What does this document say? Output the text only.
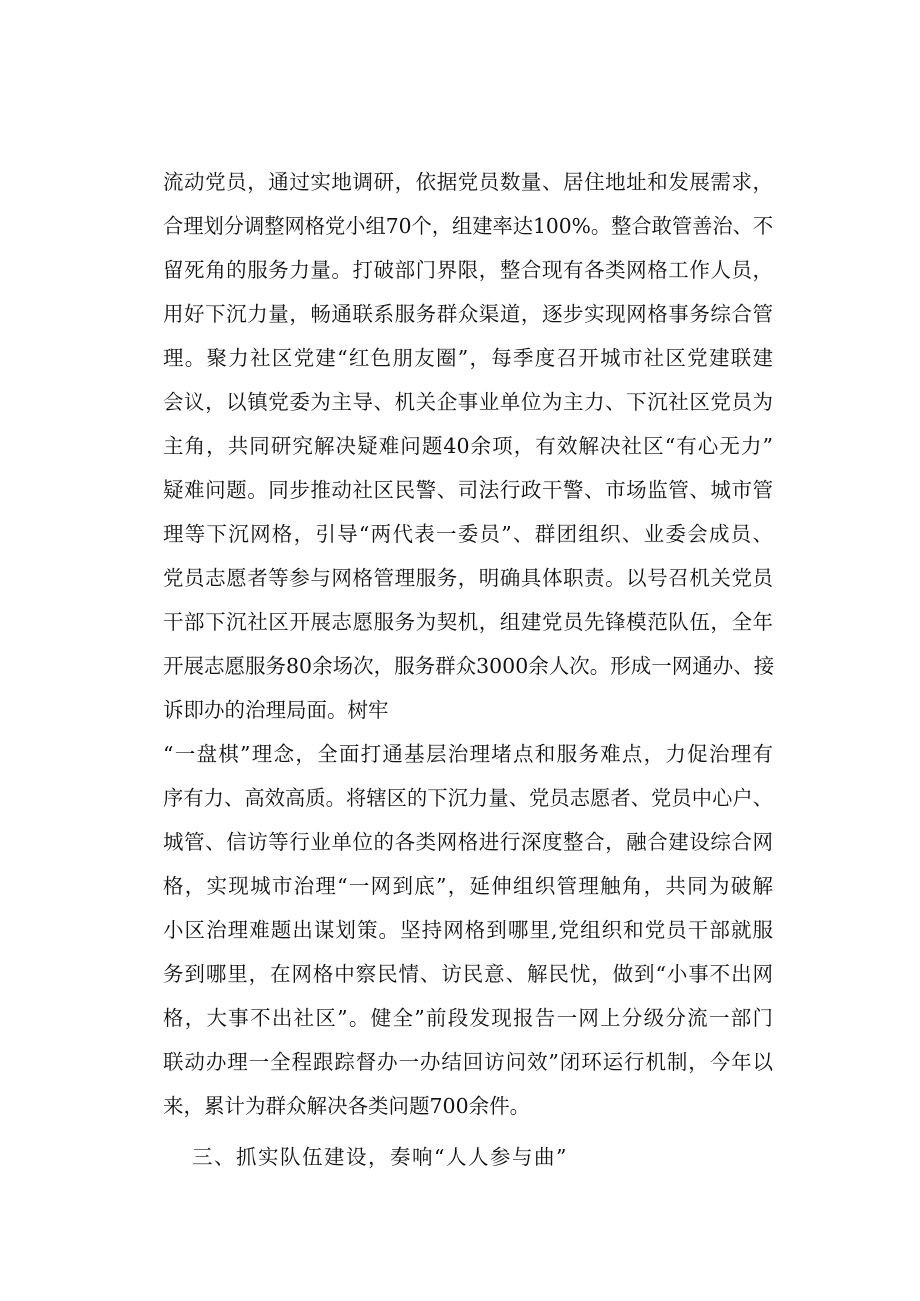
流动党员，通过实地调研，依据党员数量、居住地址和发展需求，
合理划分调整网格党小组70个，组建率达100%。整合敢管善治、不
留死角的服务力量。打破部门界限，整合现有各类网格工作人员，
用好下沉力量，畅通联系服务群众渠道，逐步实现网格事务综合管
理。聚力社区党建“红色朋友圈”，每季度召开城市社区党建联建
会议，以镇党委为主导、机关企事业单位为主力、下沉社区党员为
主角，共同研究解决疑难问题40余项，有效解决社区“有心无力”
疑难问题。同步推动社区民警、司法行政干警、市场监管、城市管
理等下沉网格，引导“两代表一委员”、群团组织、业委会成员、
党员志愿者等参与网格管理服务，明确具体职责。以号召机关党员
干部下沉社区开展志愿服务为契机，组建党员先锋模范队伍，全年
开展志愿服务80余场次，服务群众3000余人次。形成一网通办、接
诉即办的治理局面。树牢
“一盘棋”理念，全面打通基层治理堵点和服务难点，力促治理有
序有力、高效高质。将辖区的下沉力量、党员志愿者、党员中心户、
城管、信访等行业单位的各类网格进行深度整合，融合建设综合网
格，实现城市治理“一网到底”，延伸组织管理触角，共同为破解
小区治理难题出谋划策。坚持网格到哪里,党组织和党员干部就服
务到哪里，在网格中察民情、访民意、解民忧，做到“小事不出网
格，大事不出社区”。健全”前段发现报告一网上分级分流一部门
联动办理一全程跟踪督办一办结回访问效”闭环运行机制，今年以
来，累计为群众解决各类问题700余件。
三、抓实队伍建设，奏响“人人参与曲”
